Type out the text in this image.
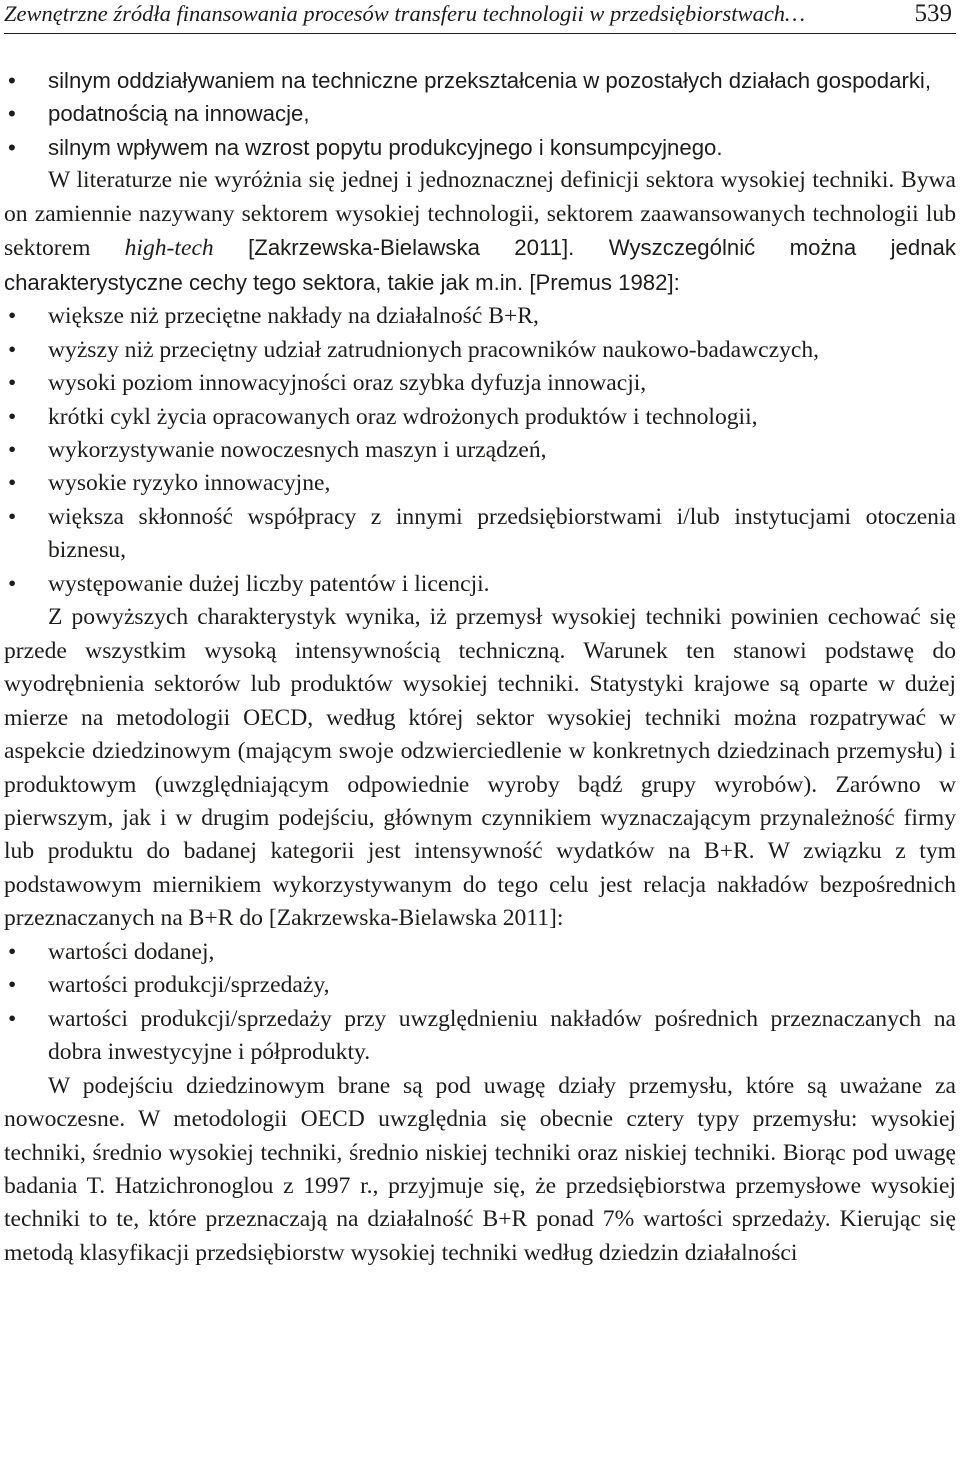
Zewnętrzne źródła finansowania procesów transferu technologii w przedsiębiorstwach…	539
• silnym oddziaływaniem na techniczne przekształcenia w pozostałych działach gospodarki,
• podatnością na innowacje,
• silnym wpływem na wzrost popytu produkcyjnego i konsumpcyjnego.

W literaturze nie wyróżnia się jednej i jednoznacznej definicji sektora wysokiej techniki. Bywa on zamiennie nazywany sektorem wysokiej technologii, sektorem zaawansowanych technologii lub sektorem high-tech [Zakrzewska-Bielawska 2011]. Wyszczególnić można jednak charakterystyczne cechy tego sektora, takie jak m.in. [Premus 1982]:

• większe niż przeciętne nakłady na działalność B+R,
• wyższy niż przeciętny udział zatrudnionych pracowników naukowo-badawczych,
• wysoki poziom innowacyjności oraz szybka dyfuzja innowacji,
• krótki cykl życia opracowanych oraz wdrożonych produktów i technologii,
• wykorzystywanie nowoczesnych maszyn i urządzeń,
• wysokie ryzyko innowacyjne,
• większa skłonność współpracy z innymi przedsiębiorstwami i/lub instytucjami otoczenia biznesu,
• występowanie dużej liczby patentów i licencji.

Z powyższych charakterystyk wynika, iż przemysł wysokiej techniki powinien cechować się przede wszystkim wysoką intensywnością techniczną. Warunek ten stanowi podstawę do wyodrębnienia sektorów lub produktów wysokiej techniki. Statystyki krajowe są oparte w dużej mierze na metodologii OECD, według której sektor wysokiej techniki można rozpatrywać w aspekcie dziedzinowym (mającym swoje odzwierciedlenie w konkretnych dziedzinach przemysłu) i produktowym (uwzględniającym odpowiednie wyroby bądź grupy wyrobów). Zarówno w pierwszym, jak i w drugim podejściu, głównym czynnikiem wyznaczającym przynależność firmy lub produktu do badanej kategorii jest intensywność wydatków na B+R. W związku z tym podstawowym miernikiem wykorzystywanym do tego celu jest relacja nakładów bezpośrednich przeznaczanych na B+R do [Zakrzewska-Bielawska 2011]:

• wartości dodanej,
• wartości produkcji/sprzedaży,
• wartości produkcji/sprzedaży przy uwzględnieniu nakładów pośrednich przeznaczanych na dobra inwestycyjne i półprodukty.

W podejściu dziedzinowym brane są pod uwagę działy przemysłu, które są uważane za nowoczesne. W metodologii OECD uwzględnia się obecnie cztery typy przemysłu: wysokiej techniki, średnio wysokiej techniki, średnio niskiej techniki oraz niskiej techniki. Biorąc pod uwagę badania T. Hatzichronoglou z 1997 r., przyjmuje się, że przedsiębiorstwa przemysłowe wysokiej techniki to te, które przeznaczają na działalność B+R ponad 7% wartości sprzedaży. Kierując się metodą klasyfikacji przedsiębiorstw wysokiej techniki według dziedzin działalności
